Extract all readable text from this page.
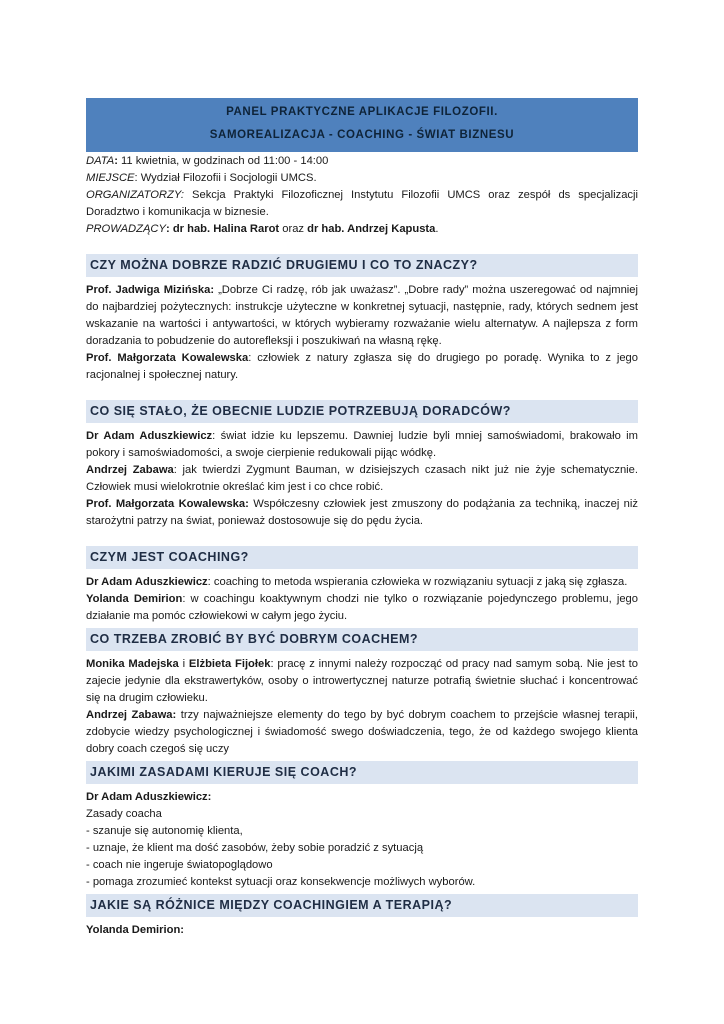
PANEL PRAKTYCZNE APLIKACJE FILOZOFII.
SAMOREALIZACJA - COACHING - ŚWIAT BIZNESU
DATA: 11 kwietnia, w godzinach od 11:00 - 14:00
MIEJSCE: Wydział Filozofii i Socjologii UMCS.
ORGANIZATORZY: Sekcja Praktyki Filozoficznej Instytutu Filozofii UMCS oraz zespół ds specjalizacji Doradztwo i komunikacja w biznesie.
PROWADZĄCY: dr hab. Halina Rarot oraz dr hab. Andrzej Kapusta.
CZY MOŻNA DOBRZE RADZIĆ DRUGIEMU I CO TO ZNACZY?
Prof. Jadwiga Mizińska: „Dobrze Ci radzę, rób jak uważasz”. „Dobre rady” można uszeregować od najmniej do najbardziej pożytecznych: instrukcje użyteczne w konkretnej sytuacji, następnie, rady, których sednem jest wskazanie na wartości i antywartości, w których wybieramy rozważanie wielu alternatyw. A najlepsza z form doradzania to pobudzenie do autorefleksji i poszukiwań na własną rękę.
Prof. Małgorzata Kowalewska: człowiek z natury zgłasza się do drugiego po poradę. Wynika to z jego racjonalnej i społecznej natury.
CO SIĘ STAŁO, ŻE OBECNIE LUDZIE POTRZEBUJĄ DORADCÓW?
Dr Adam Aduszkiewicz: świat idzie ku lepszemu. Dawniej ludzie byli mniej samoświadomi, brakowało im pokory i samoświadomości, a swoje cierpienie redukowali pijąc wódkę.
Andrzej Zabawa: jak twierdzi Zygmunt Bauman, w dzisiejszych czasach nikt już nie żyje schematycznie. Człowiek musi wielokrotnie określać kim jest i co chce robić.
Prof. Małgorzata Kowalewska: Współczesny człowiek jest zmuszony do podążania za techniką, inaczej niż starożytni patrzy na świat, ponieważ dostosowuje się do pędu życia.
CZYM JEST COACHING?
Dr Adam Aduszkiewicz: coaching to metoda wspierania człowieka w rozwiązaniu sytuacji z jaką się zgłasza.
Yolanda Demirion: w coachingu koaktywnym chodzi nie tylko o rozwiązanie pojedynczego problemu, jego działanie ma pomóc człowiekowi w całym jego życiu.
CO TRZEBA ZROBIĆ BY BYĆ DOBRYM COACHEM?
Monika Madejska i Elżbieta Fijołek: pracę z innymi należy rozpocząć od pracy nad samym sobą. Nie jest to zajecie jedynie dla ekstrawertyków, osoby o introwertycznej naturze potrafią świetnie słuchać i koncentrować się na drugim człowieku.
Andrzej Zabawa: trzy najważniejsze elementy do tego by być dobrym coachem to przejście własnej terapii, zdobycie wiedzy psychologicznej i świadomość swego doświadczenia, tego, że od każdego swojego klienta dobry coach czegoś się uczy
JAKIMI ZASADAMI KIERUJE SIĘ COACH?
Dr Adam Aduszkiewicz:
Zasady coacha
- szanuje się autonomię klienta,
- uznaje, że klient ma dość zasobów, żeby sobie poradzić z sytuacją
- coach nie ingeruje światopoglądowo
- pomaga zrozumieć kontekst sytuacji oraz konsekwencje możliwych wyborów.
JAKIE SĄ RÓŻNICE MIĘDZY COACHINGIEM A TERAPIĄ?
Yolanda Demirion:
